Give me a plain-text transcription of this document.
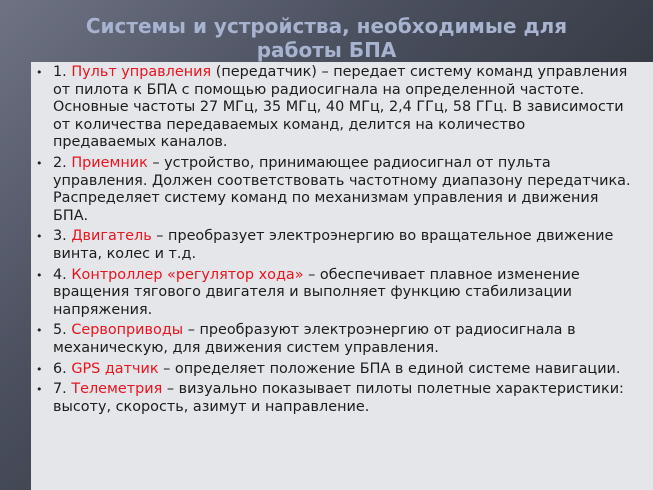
Системы и устройства, необходимые для
работы БПА
• 1. Пульт управления (передатчик) – передает систему команд управления от пилота к БПА с помощью радиосигнала на определенной частоте. Основные частоты 27 МГц, 35 МГц, 40 МГц, 2,4 ГГц, 58 ГГц. В зависимости от количества передаваемых команд, делится на количество предаваемых каналов.
• 2. Приемник – устройство, принимающее радиосигнал от пульта управления. Должен соответствовать частотному диапазону передатчика. Распределяет систему команд по механизмам управления и движения БПА.
• 3. Двигатель – преобразует электроэнергию во вращательное движение винта, колес и т.д.
• 4. Контроллер «регулятор хода» – обеспечивает плавное изменение вращения тягового двигателя и выполняет функцию стабилизации напряжения.
• 5. Сервоприводы – преобразуют электроэнергию от радиосигнала в механическую, для движения систем управления.
• 6. GPS датчик – определяет положение БПА в единой системе навигации.
• 7. Телеметрия – визуально показывает пилоты полетные характеристики: высоту, скорость, азимут и направление.
